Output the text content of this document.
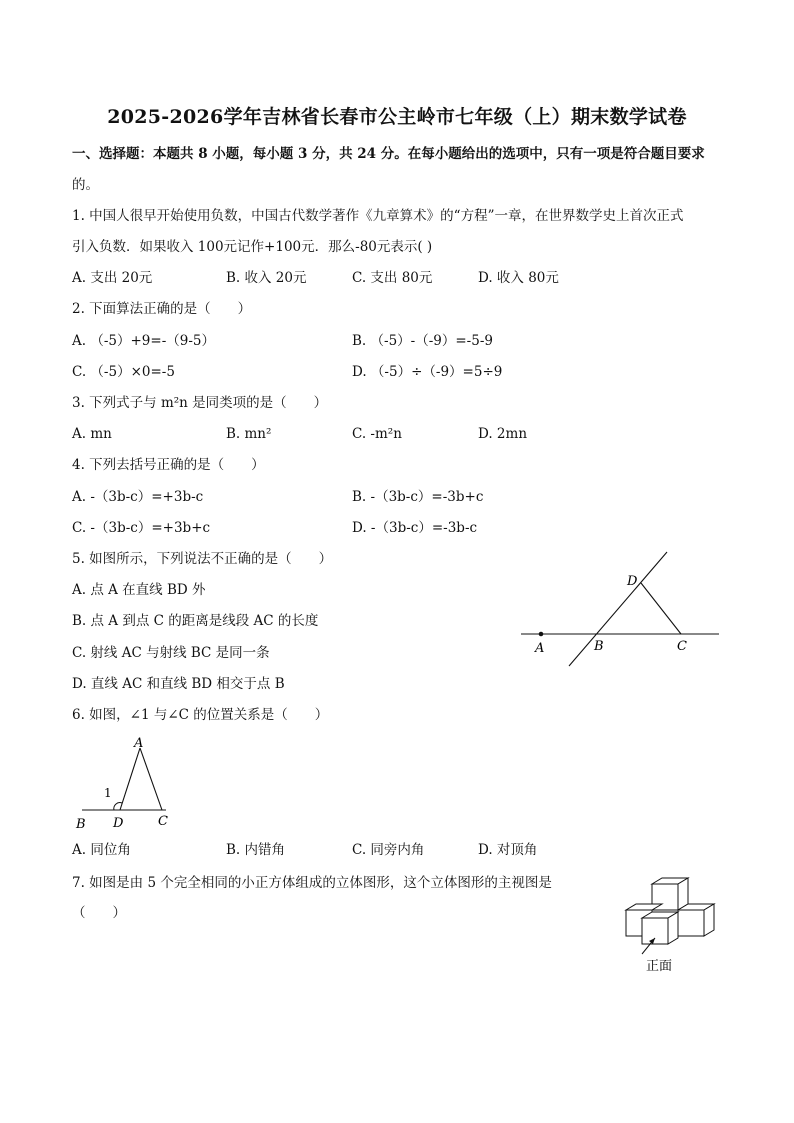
2025-2026学年吉林省长春市公主岭市七年级（上）期末数学试卷
一、选择题：本题共 8 小题，每小题 3 分，共 24 分。在每小题给出的选项中，只有一项是符合题目要求
的。
1. 中国人很早开始使用负数，中国古代数学著作《九章算术》的“方程”一章，在世界数学史上首次正式
引入负数．如果收入 100元记作+100元．那么-80元表示( )
A. 支出 20元	B. 收入 20元	C. 支出 80元	D. 收入 80元
2. 下面算法正确的是（　　）
A. （-5）+9=-（9-5）	B. （-5）-（-9）=-5-9
C. （-5）×0=-5	D. （-5）÷（-9）=5÷9
3. 下列式子与 m²n 是同类项的是（　　）
A. mn	B. mn²	C. -m²n	D. 2mn
4. 下列去括号正确的是（　　）
A. -（3b-c）=+3b-c	B. -（3b-c）=-3b+c
C. -（3b-c）=+3b+c	D. -（3b-c）=-3b-c
5. 如图所示，下列说法不正确的是（　　）
A. 点 A 在直线 BD 外
B. 点 A 到点 C 的距离是线段 AC 的长度
C. 射线 AC 与射线 BC 是同一条
D. 直线 AC 和直线 BD 相交于点 B
A	B	C
D
6. 如图，∠1 与∠C 的位置关系是（　　）
A
1
B D	C
A. 同位角	B. 内错角	C. 同旁内角	D. 对顶角
7. 如图是由 5 个完全相同的小正方体组成的立体图形，这个立体图形的主视图是
（　　）
正面
